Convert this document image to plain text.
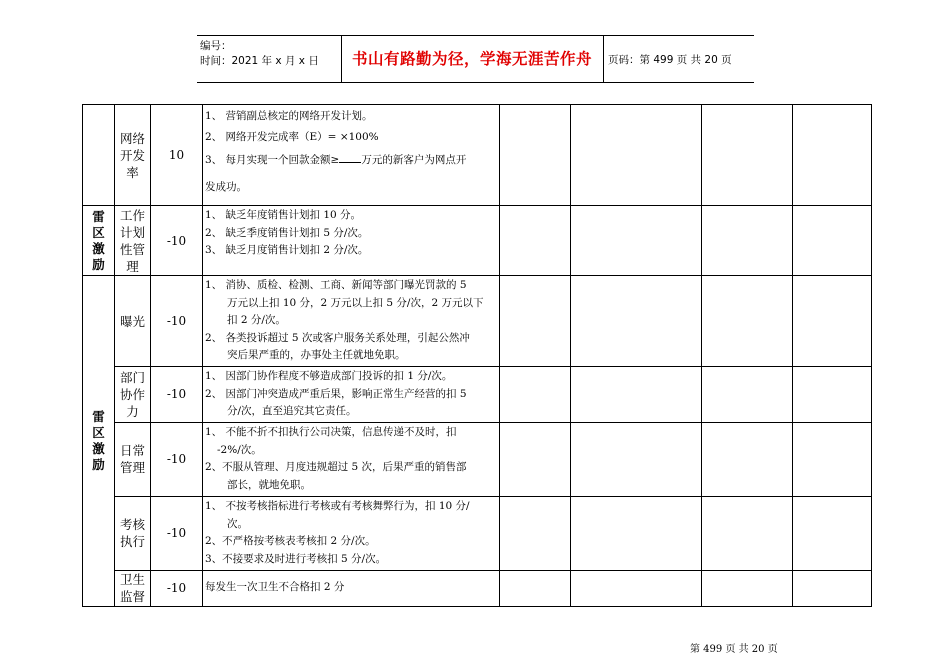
编号：
时间：2021 年 x 月 x 日	书山有路勤为径，学海无涯苦作舟	页码：第 499 页 共 20 页
	网络开发率	10	1、 营销副总核定的网络开发计划。
2、 网络开发完成率（E）= ×100%
3、 每月实现一个回款金额≥ 万元的新客户为网点开
发成功。				

雷区激励	工作计划性管理	-10	1、 缺乏年度销售计划扣 10 分。
2、 缺乏季度销售计划扣 5 分/次。
3、 缺乏月度销售计划扣 2 分/次。				

雷区激励	曝光	-10	1、 消协、质检、检测、工商、新闻等部门曝光罚款的 5
万元以上扣 10 分，2 万元以上扣 5 分/次，2 万元以下
扣 2 分/次。
2、 各类投诉超过 5 次或客户服务关系处理，引起公然冲
突后果严重的，办事处主任就地免职。				

	部门协作力	-10	1、 因部门协作程度不够造成部门投诉的扣 1 分/次。
2、 因部门冲突造成严重后果，影响正常生产经营的扣 5
分/次，直至追究其它责任。				

	日常管理	-10	1、 不能不折不扣执行公司决策，信息传递不及时，扣
-2%/次。
2、不服从管理、月度违规超过 5 次，后果严重的销售部
部长，就地免职。				

	考核执行	-10	1、 不按考核指标进行考核或有考核舞弊行为，扣 10 分/
次。
2、不严格按考核表考核扣 2 分/次。
3、不接要求及时进行考核扣 5 分/次。				

	卫生监督	-10	每发生一次卫生不合格扣 2 分				

第 499 页 共 20 页
